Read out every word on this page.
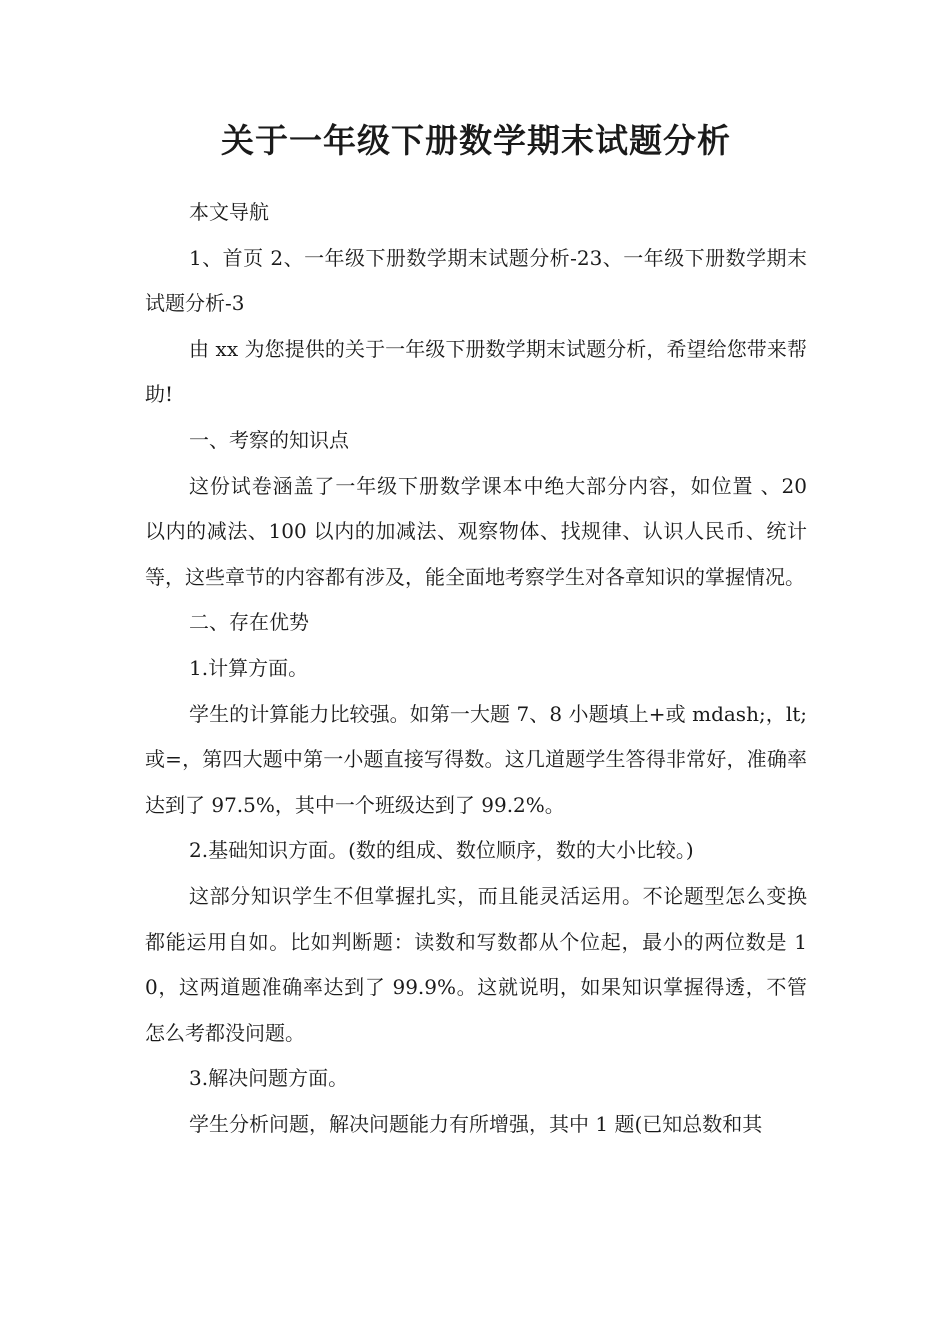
关于一年级下册数学期末试题分析

本文导航

1、首页 2、一年级下册数学期末试题分析-23、一年级下册数学期末试题分析-3

由 xx 为您提供的关于一年级下册数学期末试题分析，希望给您带来帮助!

一、考察的知识点

这份试卷涵盖了一年级下册数学课本中绝大部分内容，如位置 、20 以内的减法、100 以内的加减法、观察物体、找规律、认识人民币、统计等，这些章节的内容都有涉及，能全面地考察学生对各章知识的掌握情况。

二、存在优势

1.计算方面。

学生的计算能力比较强。如第一大题 7、8 小题填上+或 mdash;，lt;或=，第四大题中第一小题直接写得数。这几道题学生答得非常好，准确率达到了 97.5%，其中一个班级达到了 99.2%。

2.基础知识方面。(数的组成、数位顺序，数的大小比较。)

这部分知识学生不但掌握扎实，而且能灵活运用。不论题型怎么变换都能运用自如。比如判断题：读数和写数都从个位起，最小的两位数是 10，这两道题准确率达到了 99.9%。这就说明，如果知识掌握得透，不管怎么考都没问题。

3.解决问题方面。

学生分析问题，解决问题能力有所增强，其中 1 题(已知总数和其
